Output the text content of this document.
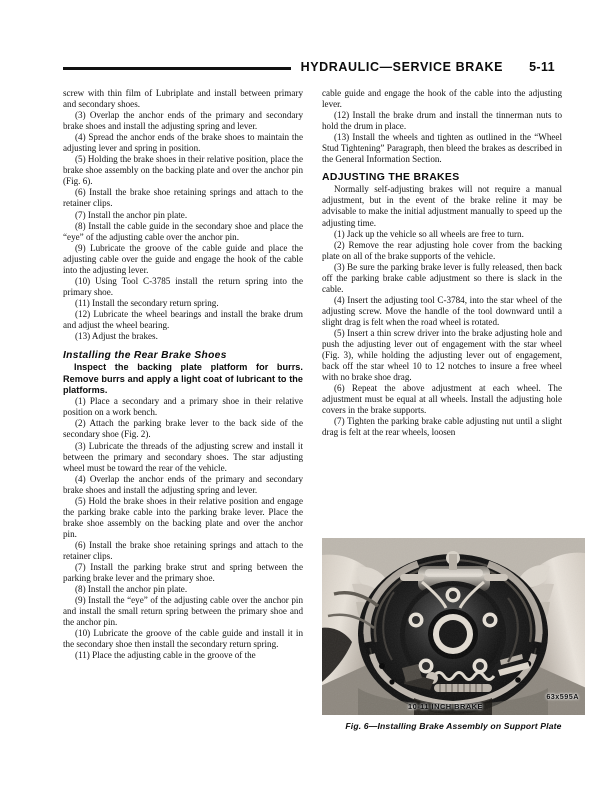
HYDRAULIC—SERVICE BRAKE 5-11

screw with thin film of Lubriplate and install between primary and secondary shoes.

(3) Overlap the anchor ends of the primary and secondary brake shoes and install the adjusting spring and lever.

(4) Spread the anchor ends of the brake shoes to maintain the adjusting lever and spring in position.

(5) Holding the brake shoes in their relative position, place the brake shoe assembly on the backing plate and over the anchor pin (Fig. 6).

(6) Install the brake shoe retaining springs and attach to the retainer clips.

(7) Install the anchor pin plate.

(8) Install the cable guide in the secondary shoe and place the “eye” of the adjusting cable over the anchor pin.

(9) Lubricate the groove of the cable guide and place the adjusting cable over the guide and engage the hook of the cable into the adjusting lever.

(10) Using Tool C-3785 install the return spring into the primary shoe.

(11) Install the secondary return spring.

(12) Lubricate the wheel bearings and install the brake drum and adjust the wheel bearing.

(13) Adjust the brakes.

Installing the Rear Brake Shoes

Inspect the backing plate platform for burrs. Remove burrs and apply a light coat of lubricant to the platforms.

(1) Place a secondary and a primary shoe in their relative position on a work bench.

(2) Attach the parking brake lever to the back side of the secondary shoe (Fig. 2).

(3) Lubricate the threads of the adjusting screw and install it between the primary and secondary shoes. The star adjusting wheel must be toward the rear of the vehicle.

(4) Overlap the anchor ends of the primary and secondary brake shoes and install the adjusting spring and lever.

(5) Hold the brake shoes in their relative position and engage the parking brake cable into the parking brake lever. Place the brake shoe assembly on the backing plate and over the anchor pin.

(6) Install the brake shoe retaining springs and attach to the retainer clips.

(7) Install the parking brake strut and spring between the parking brake lever and the primary shoe.

(8) Install the anchor pin plate.

(9) Install the “eye” of the adjusting cable over the anchor pin and install the small return spring between the primary shoe and the anchor pin.

(10) Lubricate the groove of the cable guide and install it in the secondary shoe then install the secondary return spring.

(11) Place the adjusting cable in the groove of the

cable guide and engage the hook of the cable into the adjusting lever.

(12) Install the brake drum and install the tinnerman nuts to hold the drum in place.

(13) Install the wheels and tighten as outlined in the “Wheel Stud Tightening” Paragraph, then bleed the brakes as described in the General Information Section.

ADJUSTING THE BRAKES

Normally self-adjusting brakes will not require a manual adjustment, but in the event of the brake reline it may be advisable to make the initial adjustment manually to speed up the adjusting time.

(1) Jack up the vehicle so all wheels are free to turn.

(2) Remove the rear adjusting hole cover from the backing plate on all of the brake supports of the vehicle.

(3) Be sure the parking brake lever is fully released, then back off the parking brake cable adjustment so there is slack in the cable.

(4) Insert the adjusting tool C-3784, into the star wheel of the adjusting screw. Move the handle of the tool downward until a slight drag is felt when the road wheel is rotated.

(5) Insert a thin screw driver into the brake adjusting hole and push the adjusting lever out of engagement with the star wheel (Fig. 3), while holding the adjusting lever out of engagement, back off the star wheel 10 to 12 notches to insure a free wheel with no brake shoe drag.

(6) Repeat the above adjustment at each wheel. The adjustment must be equal at all wheels. Install the adjusting hole covers in the brake supports.

(7) Tighten the parking brake cable adjusting nut until a slight drag is felt at the rear wheels, loosen

10-11 INCH BRAKE
63x595A
Fig. 6—Installing Brake Assembly on Support Plate
